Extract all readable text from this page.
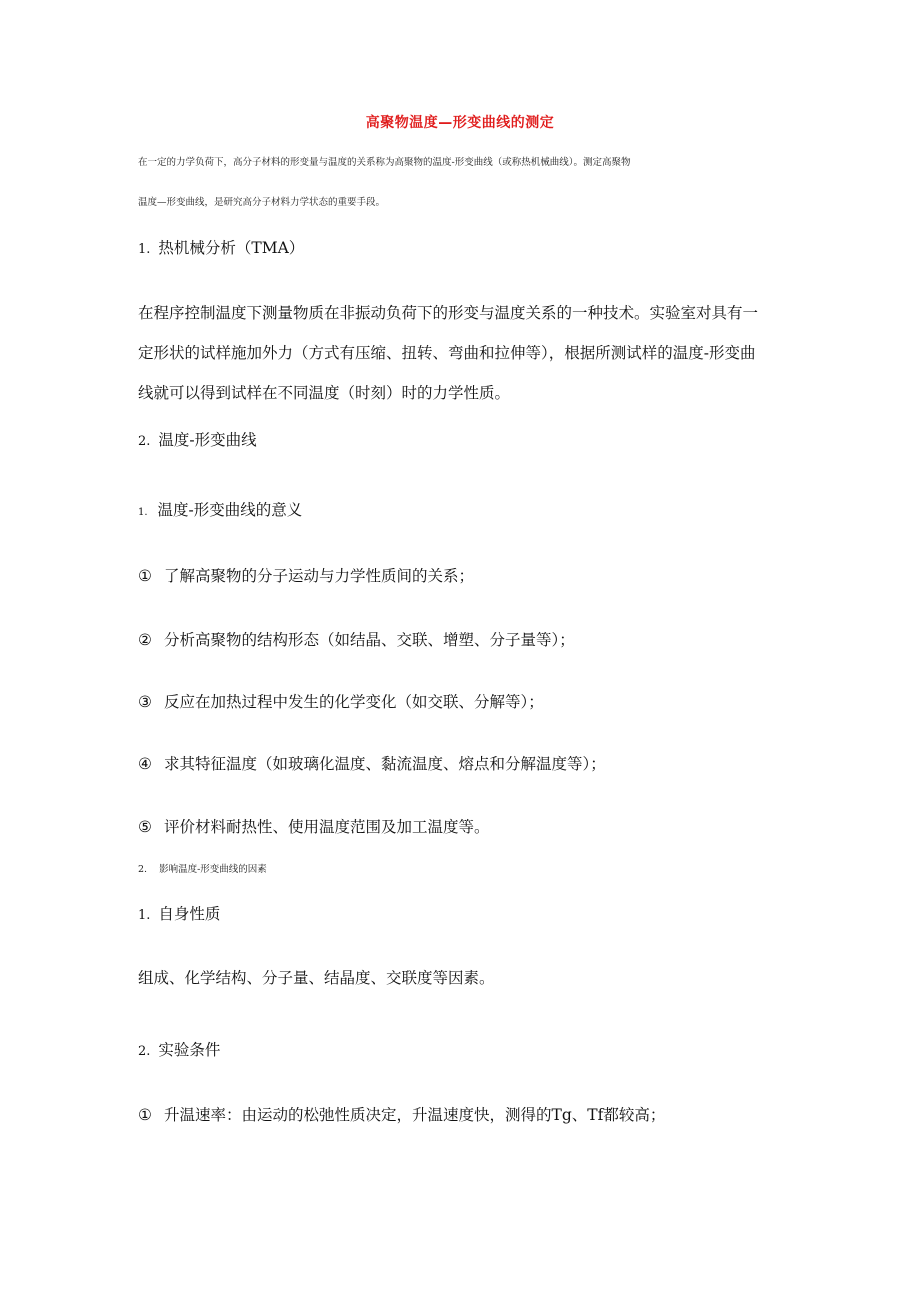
高聚物温度—形变曲线的测定
在一定的力学负荷下，高分子材料的形变量与温度的关系称为高聚物的温度-形变曲线（或称热机械曲线）。测定高聚物
温度—形变曲线，是研究高分子材料力学状态的重要手段。
1. 热机械分析（TMA）
在程序控制温度下测量物质在非振动负荷下的形变与温度关系的一种技术。实验室对具有一
定形状的试样施加外力（方式有压缩、扭转、弯曲和拉伸等），根据所测试样的温度-形变曲
线就可以得到试样在不同温度（时刻）时的力学性质。
2. 温度-形变曲线
1. 温度-形变曲线的意义
① 了解高聚物的分子运动与力学性质间的关系；
② 分析高聚物的结构形态（如结晶、交联、增塑、分子量等）；
③ 反应在加热过程中发生的化学变化（如交联、分解等）；
④ 求其特征温度（如玻璃化温度、黏流温度、熔点和分解温度等）；
⑤ 评价材料耐热性、使用温度范围及加工温度等。
2. 影响温度-形变曲线的因素
1. 自身性质
组成、化学结构、分子量、结晶度、交联度等因素。
2. 实验条件
① 升温速率：由运动的松弛性质决定，升温速度快，测得的Tg、Tf都较高；
